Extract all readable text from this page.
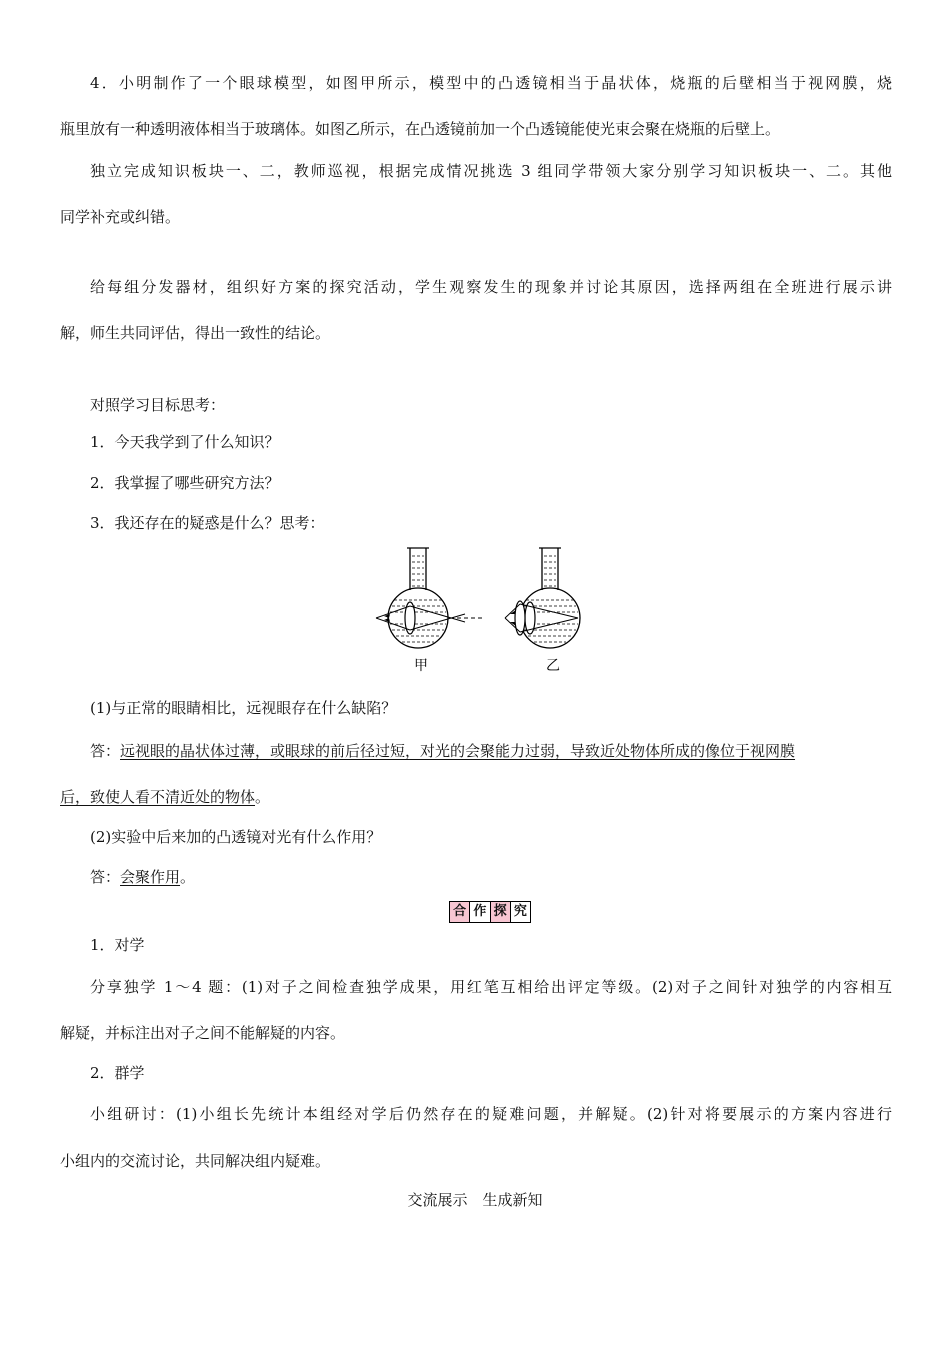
4．小明制作了一个眼球模型，如图甲所示，模型中的凸透镜相当于晶状体，烧瓶的后壁相当于视网膜，烧
瓶里放有一种透明液体相当于玻璃体。如图乙所示，在凸透镜前加一个凸透镜能使光束会聚在烧瓶的后壁上。
独立完成知识板块一、二，教师巡视，根据完成情况挑选 3 组同学带领大家分别学习知识板块一、二。其他
同学补充或纠错。
给每组分发器材，组织好方案的探究活动，学生观察发生的现象并讨论其原因，选择两组在全班进行展示讲
解，师生共同评估，得出一致性的结论。
对照学习目标思考：
1．今天我学到了什么知识？
2．我掌握了哪些研究方法？
3．我还存在的疑惑是什么？思考：
甲	乙
(1)与正常的眼睛相比，远视眼存在什么缺陷？
答：远视眼的晶状体过薄，或眼球的前后径过短，对光的会聚能力过弱，导致近处物体所成的像位于视网膜
后，致使人看不清近处的物体。
(2)实验中后来加的凸透镜对光有什么作用？
答：会聚作用。
合 作 探 究
1．对学
分享独学 1～4 题：(1)对子之间检查独学成果，用红笔互相给出评定等级。(2)对子之间针对独学的内容相互
解疑，并标注出对子之间不能解疑的内容。
2．群学
小组研讨：(1)小组长先统计本组经对学后仍然存在的疑难问题，并解疑。(2)针对将要展示的方案内容进行
小组内的交流讨论，共同解决组内疑难。
交流展示　生成新知
